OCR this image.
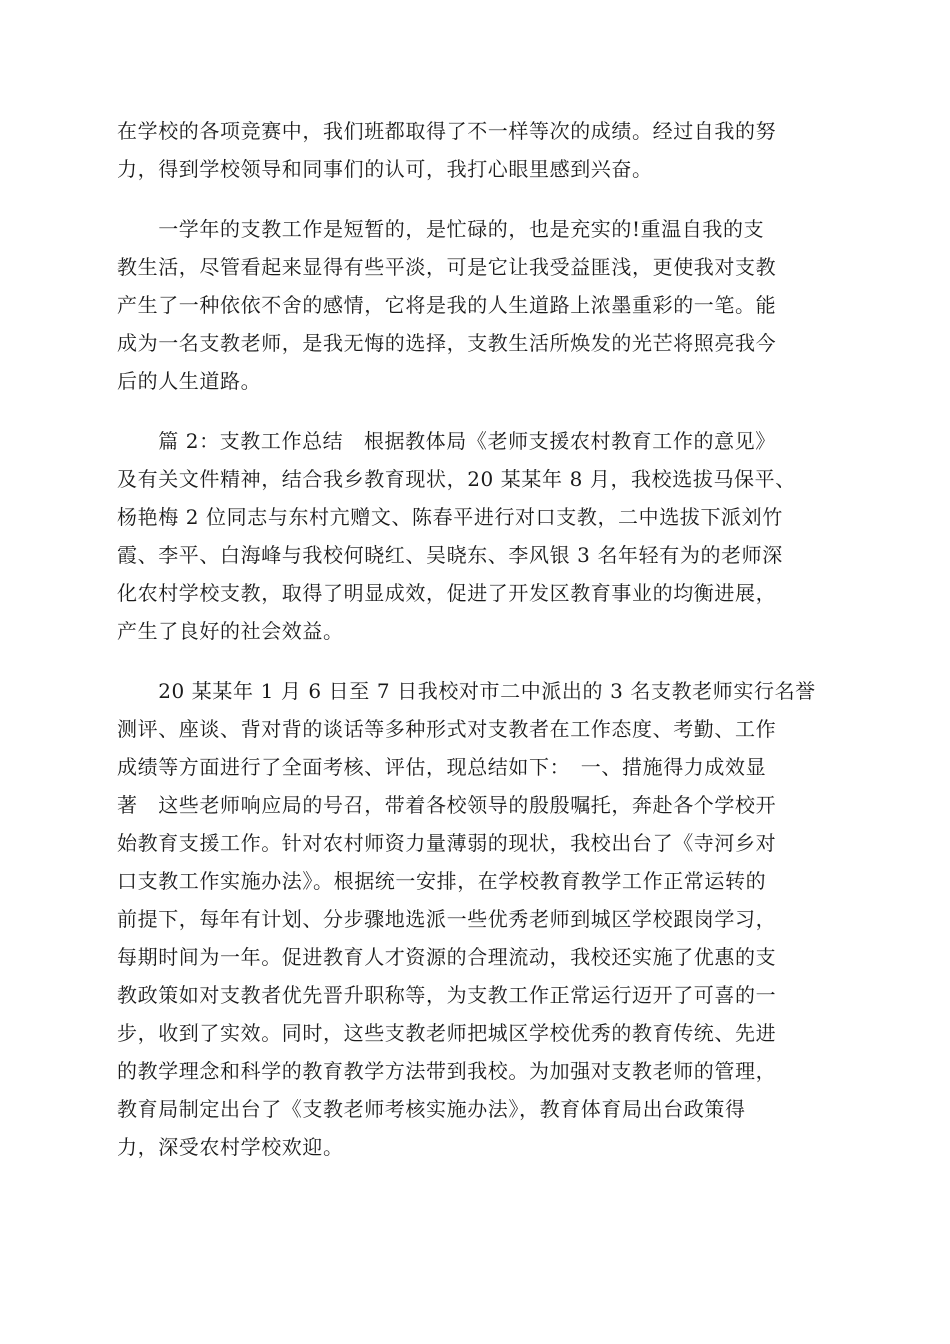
在学校的各项竞赛中，我们班都取得了不一样等次的成绩。经过自我的努
力，得到学校领导和同事们的认可，我打心眼里感到兴奋。
　　一学年的支教工作是短暂的，是忙碌的，也是充实的!重温自我的支
教生活，尽管看起来显得有些平淡，可是它让我受益匪浅，更使我对支教
产生了一种依依不舍的感情，它将是我的人生道路上浓墨重彩的一笔。能
成为一名支教老师，是我无悔的选择，支教生活所焕发的光芒将照亮我今
后的人生道路。
　　篇 2：支教工作总结　根据教体局《老师支援农村教育工作的意见》
及有关文件精神，结合我乡教育现状，20 某某年 8 月，我校选拔马保平、
杨艳梅 2 位同志与东村亢赠文、陈春平进行对口支教，二中选拔下派刘竹
霞、李平、白海峰与我校何晓红、吴晓东、李风银 3 名年轻有为的老师深
化农村学校支教，取得了明显成效，促进了开发区教育事业的均衡进展，
产生了良好的社会效益。
　　20 某某年 1 月 6 日至 7 日我校对市二中派出的 3 名支教老师实行名誉
测评、座谈、背对背的谈话等多种形式对支教者在工作态度、考勤、工作
成绩等方面进行了全面考核、评估，现总结如下：　一、措施得力成效显
著　这些老师响应局的号召，带着各校领导的殷殷嘱托，奔赴各个学校开
始教育支援工作。针对农村师资力量薄弱的现状，我校出台了《寺河乡对
口支教工作实施办法》。根据统一安排，在学校教育教学工作正常运转的
前提下，每年有计划、分步骤地选派一些优秀老师到城区学校跟岗学习，
每期时间为一年。促进教育人才资源的合理流动，我校还实施了优惠的支
教政策如对支教者优先晋升职称等，为支教工作正常运行迈开了可喜的一
步，收到了实效。同时，这些支教老师把城区学校优秀的教育传统、先进
的教学理念和科学的教育教学方法带到我校。为加强对支教老师的管理，
教育局制定出台了《支教老师考核实施办法》，教育体育局出台政策得
力，深受农村学校欢迎。
